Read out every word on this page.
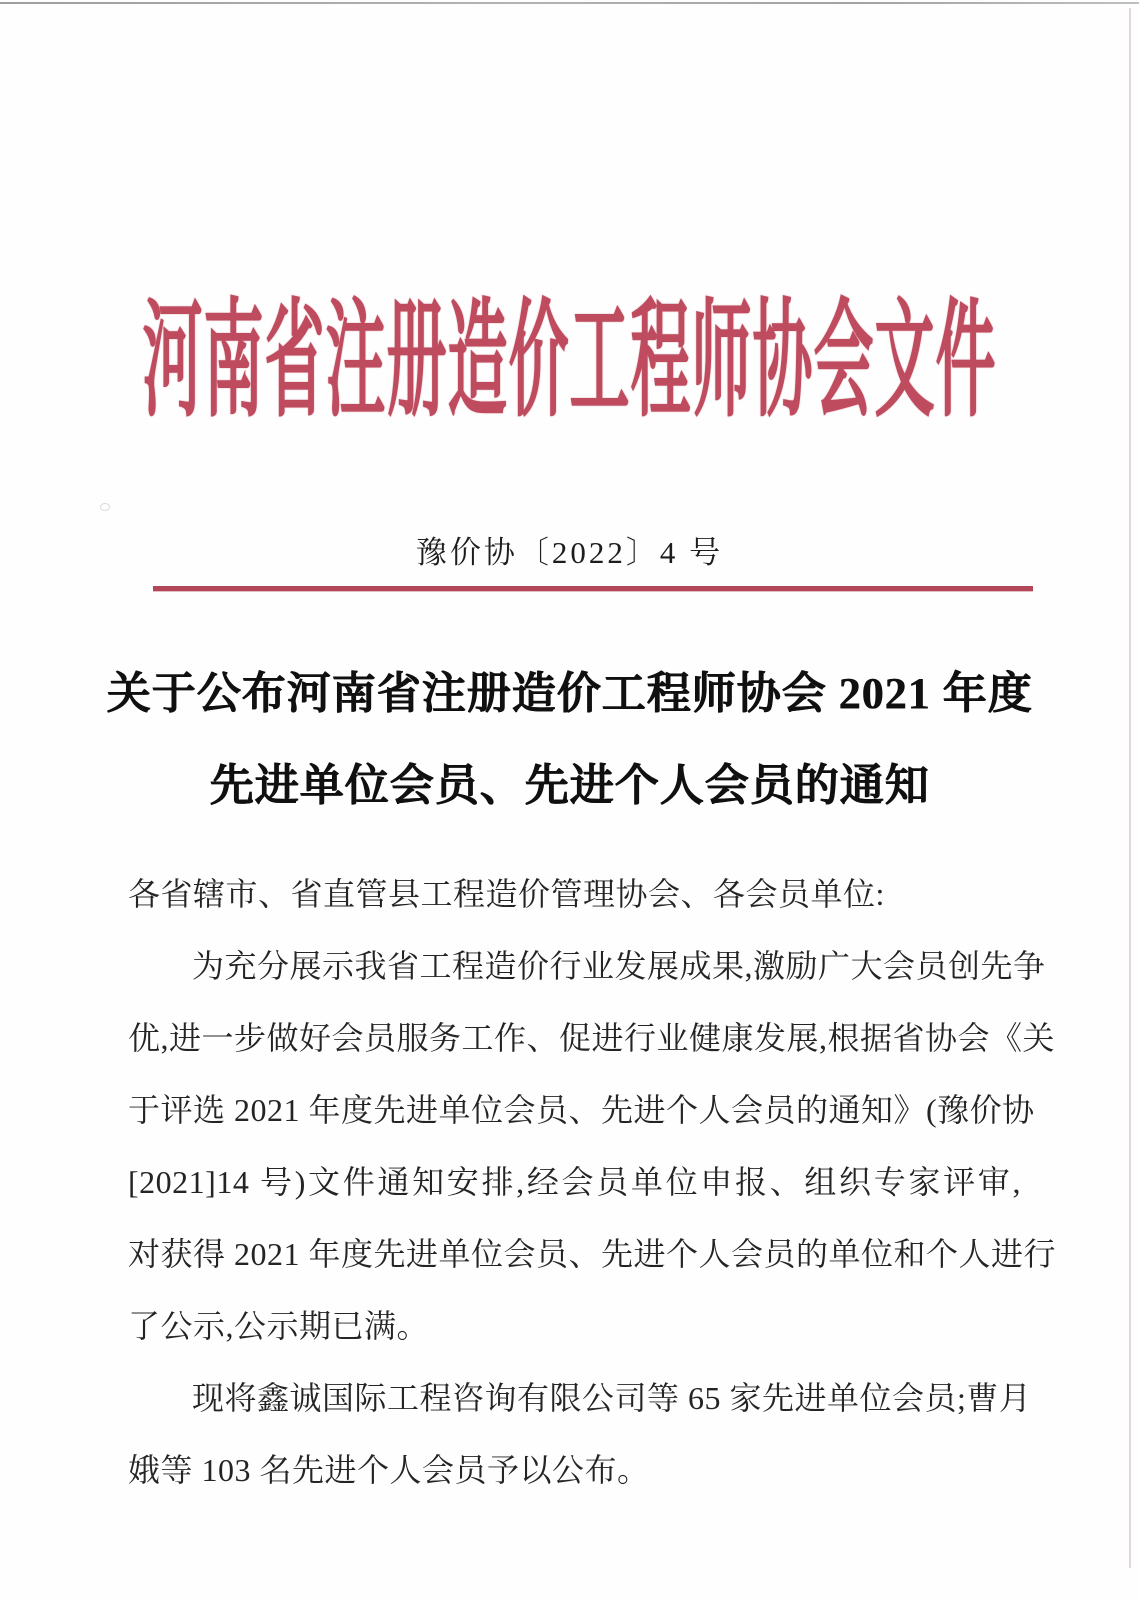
河南省注册造价工程师协会文件
豫价协〔2022〕4 号
关于公布河南省注册造价工程师协会 2021 年度
先进单位会员、先进个人会员的通知
各省辖市、省直管县工程造价管理协会、各会员单位:
为充分展示我省工程造价行业发展成果,激励广大会员创先争
优,进一步做好会员服务工作、促进行业健康发展,根据省协会《关
于评选 2021 年度先进单位会员、先进个人会员的通知》(豫价协
[2021]14 号)文件通知安排,经会员单位申报、组织专家评审,
对获得 2021 年度先进单位会员、先进个人会员的单位和个人进行
了公示,公示期已满。
现将鑫诚国际工程咨询有限公司等 65 家先进单位会员;曹月
娥等 103 名先进个人会员予以公布。
